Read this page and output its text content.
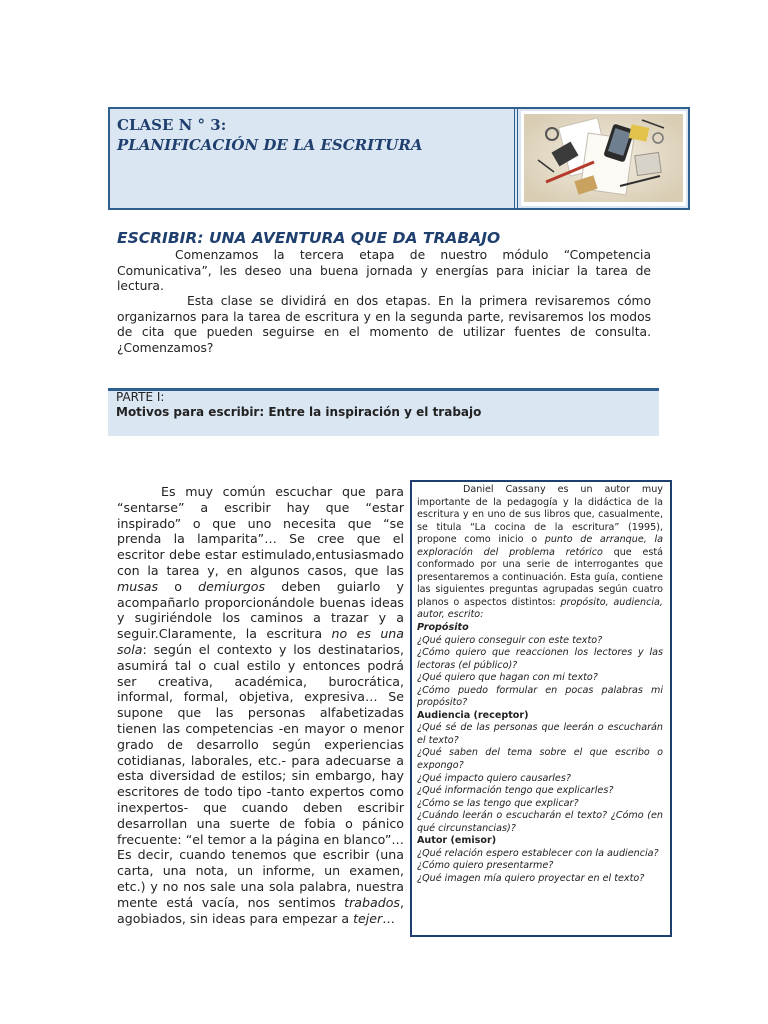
CLASE N ° 3:
PLANIFICACIÓN DE LA ESCRITURA
ESCRIBIR: UNA AVENTURA QUE DA TRABAJO
Comenzamos la tercera etapa de nuestro módulo “Competencia Comunicativa”, les deseo una buena jornada y energías para iniciar la tarea de lectura.
Esta clase se dividirá en dos etapas. En la primera revisaremos cómo organizarnos para la tarea de escritura y en la segunda parte, revisaremos los modos de cita que pueden seguirse en el momento de utilizar fuentes de consulta. ¿Comenzamos?
PARTE I:
Motivos para escribir: Entre la inspiración y el trabajo
Es muy común escuchar que para “sentarse” a escribir hay que “estar inspirado” o que uno necesita que “se prenda la lamparita”… Se cree que el escritor debe estar estimulado,entusiasmado con la tarea y, en algunos casos, que las musas o demiurgos deben guiarlo y acompañarlo proporcionándole buenas ideas y sugiriéndole los caminos a trazar y a seguir.Claramente, la escritura no es una sola: según el contexto y los destinatarios, asumirá tal o cual estilo y entonces podrá ser creativa, académica, burocrática, informal, formal, objetiva, expresiva… Se supone que las personas alfabetizadas tienen las competencias -en mayor o menor grado de desarrollo según experiencias cotidianas, laborales, etc.- para adecuarse a esta diversidad de estilos; sin embargo, hay escritores de todo tipo -tanto expertos como inexpertos- que cuando deben escribir desarrollan una suerte de fobia o pánico frecuente: “el temor a la página en blanco”… Es decir, cuando tenemos que escribir (una carta, una nota, un informe, un examen, etc.) y no nos sale una sola palabra, nuestra mente está vacía, nos sentimos trabados, agobiados, sin ideas para empezar a tejer…
Daniel Cassany es un autor muy importante de la pedagogía y la didáctica de la escritura y en uno de sus libros que, casualmente, se titula “La cocina de la escritura” (1995), propone como inicio o punto de arranque, la exploración del problema retórico que está conformado por una serie de interrogantes que presentaremos a continuación. Esta guía, contiene las siguientes preguntas agrupadas según cuatro planos o aspectos distintos: propósito, audiencia, autor, escrito:
Propósito
¿Qué quiero conseguir con este texto?
¿Cómo quiero que reaccionen los lectores y las lectoras (el público)?
¿Qué quiero que hagan con mi texto?
¿Cómo puedo formular en pocas palabras mi propósito?
Audiencia (receptor)
¿Qué sé de las personas que leerán o escucharán el texto?
¿Qué saben del tema sobre el que escribo o expongo?
¿Qué impacto quiero causarles?
¿Qué información tengo que explicarles?
¿Cómo se las tengo que explicar?
¿Cuándo leerán o escucharán el texto? ¿Cómo (en qué circunstancias)?
Autor (emisor)
¿Qué relación espero establecer con la audiencia?
¿Cómo quiero presentarme?
¿Qué imagen mía quiero proyectar en el texto?
